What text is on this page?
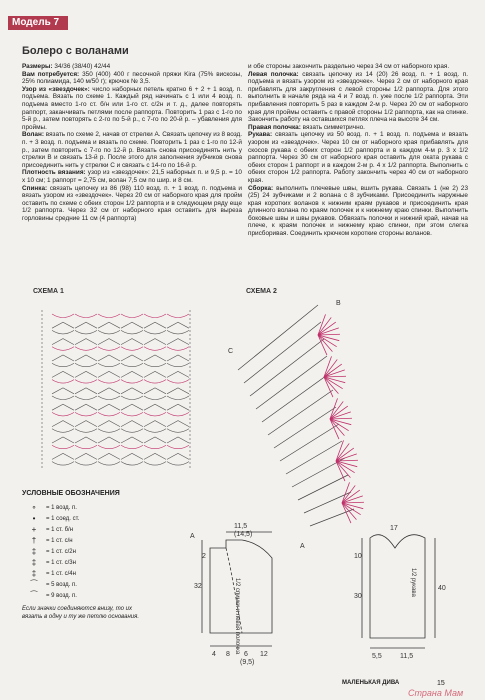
Модель 7
Болеро с воланами

Размеры: 34/36 (38/40) 42/44

Вам потребуется: 350 (400) 400 г песочной пряжи Kira (75% вискозы, 25% полиамида, 140 м/50 г); крючок № 3,5.

Узор из «звездочек»: число наборных петель кратно 6 + 2 + 1 возд. п. подъема. Вязать по схеме 1. Каждый ряд начинать с 1 или 4 возд. п. подъема вместо 1-го ст. б/н или 1-го ст. с/2н и т. д., далее повторять раппорт, заканчивать петлями после раппорта. Повторить 1 раз с 1-го по 5-й р., затем повторять с 2-го по 5-й р., с 7-го по 20-й р. – убавления для проймы.

Волан: вязать по схеме 2, начав от стрелки А. Связать цепочку из 8 возд. п. + 3 возд. п. подъема и вязать по схеме. Повторить 1 раз с 1-го по 12-й р., затем повторить с 7-го по 12-й р. Вязать снова присоединять нить у стрелки В и связать 13-й р. После этого для заполнения зубчиков снова присоединить нить у стрелки С и связать с 14-го по 16-й р.

Плотность вязания: узор из «звездочек»: 21,5 наборных п. и 9,5 р. = 10 x 10 см; 1 раппорт = 2,75 см, волан 7,5 см по шир. и 8 см.

Спинка: связать цепочку из 86 (98) 110 возд. п. + 1 возд. п. подъема и вязать узором из «звездочек». Через 20 см от наборного края для пройм оставить по схеме с обеих сторон 1/2 раппорта и в следующем ряду еще 1/2 раппорта. Через 32 см от наборного края оставить для выреза горловины средние 11 см (4 раппорта)

и обе стороны закончить раздельно через 34 см от наборного края.

Левая полочка: связать цепочку из 14 (20) 26 возд. п. + 1 возд. п. подъема и вязать узором из «звездочек». Через 2 см от наборного края прибавлять для закругления с левой стороны 1/2 раппорта. Для этого выполнить в начале ряда на 4 и 7 возд. п. уже после 1/2 раппорта. Эти прибавления повторить 5 раз в каждом 2-м р. Через 20 см от наборного края для проймы оставить с правой стороны 1/2 раппорта, как на спинке. Закончить работу на оставшихся петлях плеча на высоте 34 см.

Правая полочка: вязать симметрично.

Рукава: связать цепочку из 50 возд. п. + 1 возд. п. подъема и вязать узором из «звездочек». Через 10 см от наборного края прибавлять для скосов рукава с обеих сторон 1/2 раппорта и в каждом 4-м р. 3 x 1/2 раппорта. Через 30 см от наборного края оставить для оката рукава с обеих сторон 1 раппорт и в каждом 2-м р. 4 x 1/2 раппорта. Выполнить с обеих сторон 1/2 раппорта. Работу закончить через 40 см от наборного края.

Сборка: выполнить плечевые швы, вшить рукава. Связать 1 (не 2) 23 (25) 24 зубчиками и 2 волана с 8 зубчиками. Присоединить наружные края коротких воланов к нижним краям рукавов и присоединить края длинного волана по краям полочек и к нижнему краю спинки. Выполнить боковые швы и швы рукавов. Обвязать полочки и нижний край, начав на плече, к краям полочек и нижнему краю спинки, при этом слегка присборивая. Соединить крючком короткие стороны воланов.

СХЕМА 1	СХЕМА 2
B
C
A
УСЛОВНЫЕ ОБОЗНАЧЕНИЯ
∘	= 1 возд. п.
•	= 1 соед. ст.
+	= 1 ст. б/н
†	= 1 ст. с/н
‡	= 1 ст. с/2н
‡	= 1 ст. с/3н
‡	= 1 ст. с/4н
⁀	= 5 возд. п.
⁀	= 9 возд. п.
Если значки соединяются внизу, то их вязать в одну и ту же петлю основания.
11,5
(14,5)
17
32
2
40
10
30
4 8 6
(9,5)
12	5,5	11,5
A
1/2 спинки и левая полочка	1/2 рукава
МАЛЕНЬКАЯ ДИВА	15
Страна Мам
